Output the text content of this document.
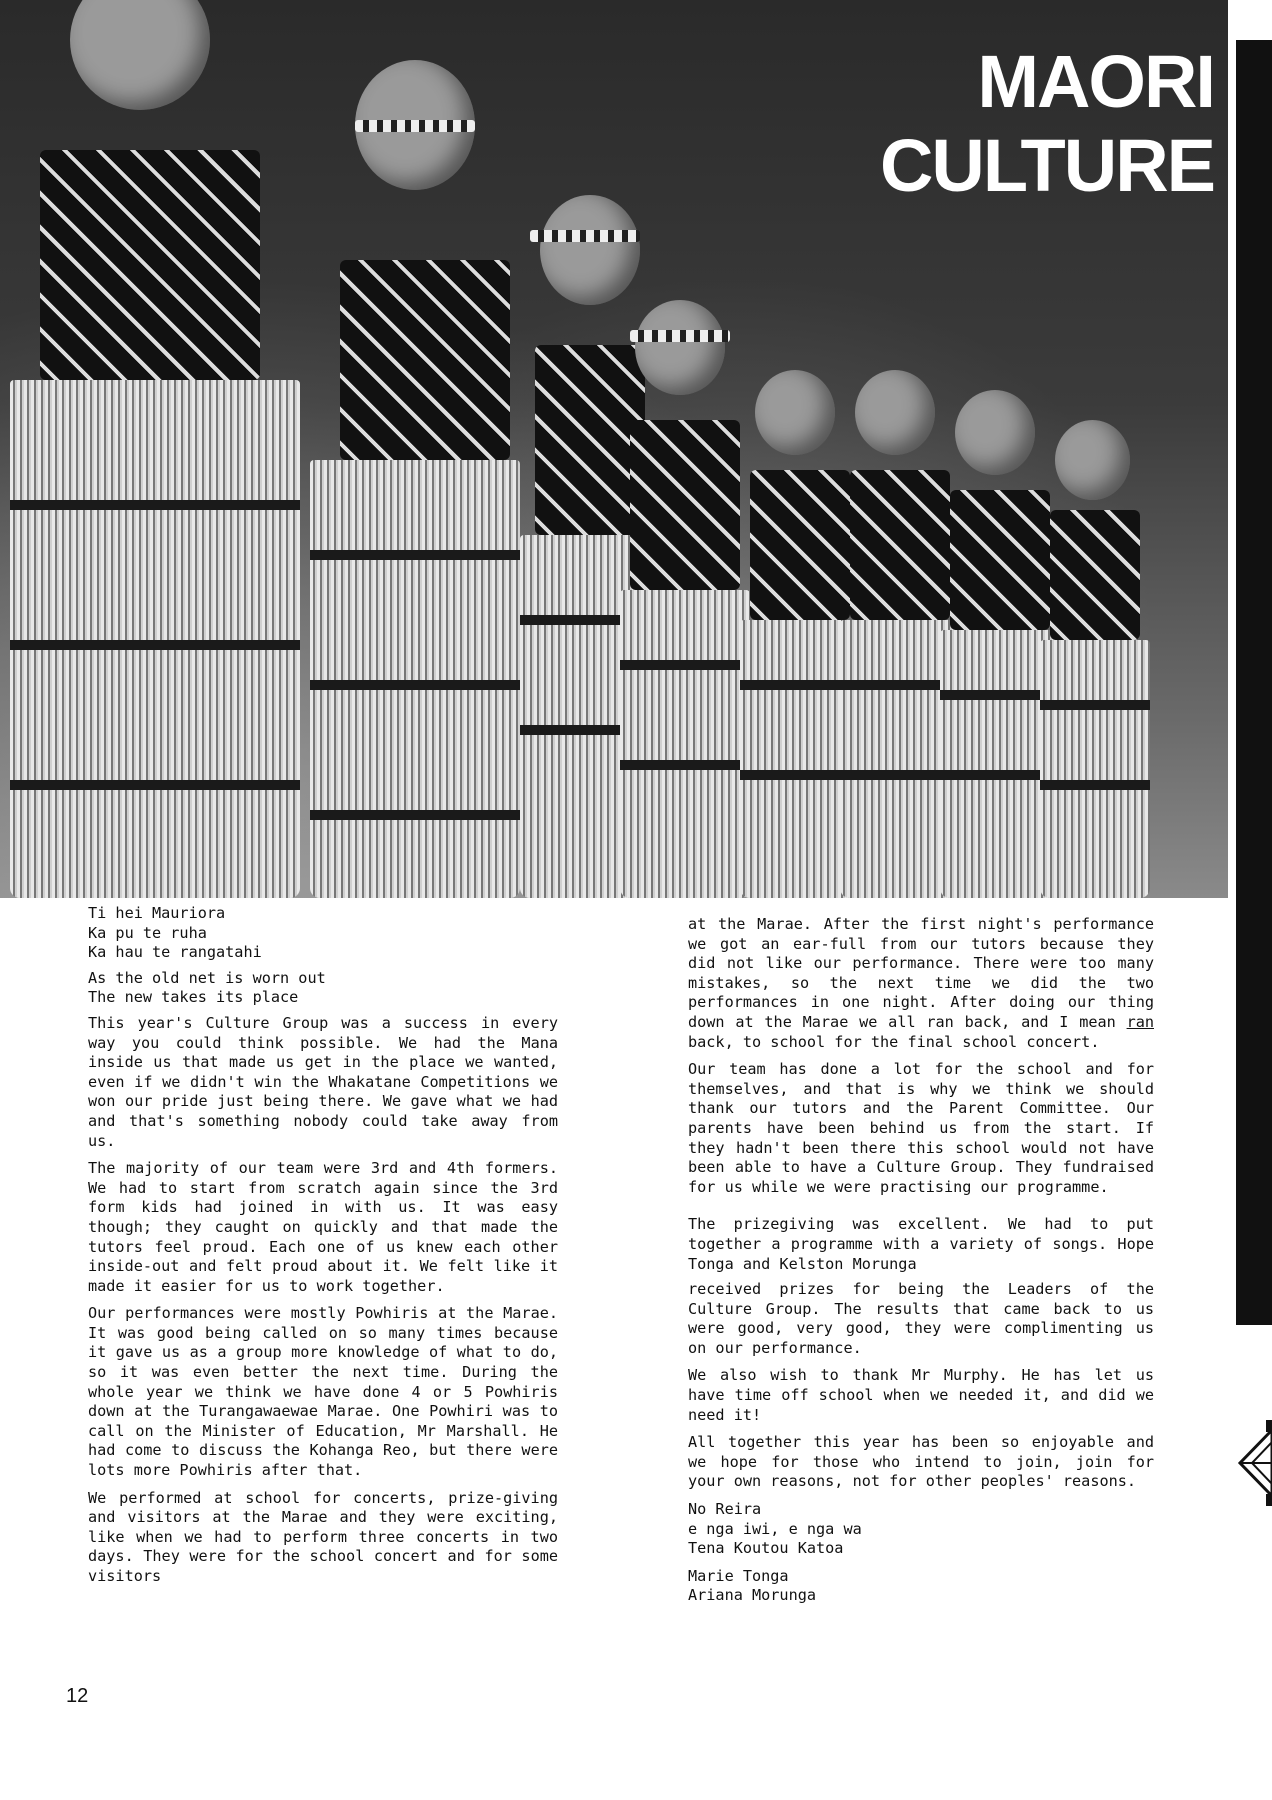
MAORI
CULTURE

Ti hei Mauriora
Ka pu te ruha
Ka hau te rangatahi

As the old net is worn out
The new takes its place

This year's Culture Group was a success in every way you could think possible. We had the Mana inside us that made us get in the place we wanted, even if we didn't win the Whakatane Competitions we won our pride just being there. We gave what we had and that's something nobody could take away from us.

The majority of our team were 3rd and 4th formers. We had to start from scratch again since the 3rd form kids had joined in with us. It was easy though; they caught on quickly and that made the tutors feel proud. Each one of us knew each other inside-out and felt proud about it. We felt like it made it easier for us to work together.

Our performances were mostly Powhiris at the Marae. It was good being called on so many times because it gave us as a group more knowledge of what to do, so it was even better the next time. During the whole year we think we have done 4 or 5 Powhiris down at the Turangawaewae Marae. One Powhiri was to call on the Minister of Education, Mr Marshall. He had come to discuss the Kohanga Reo, but there were lots more Powhiris after that.

We performed at school for concerts, prize-giving and visitors at the Marae and they were exciting, like when we had to perform three concerts in two days. They were for the school concert and for some visitors

at the Marae. After the first night's performance we got an ear-full from our tutors because they did not like our performance. There were too many mistakes, so the next time we did the two performances in one night. After doing our thing down at the Marae we all ran back, and I mean ran back, to school for the final school concert.

Our team has done a lot for the school and for themselves, and that is why we think we should thank our tutors and the Parent Committee. Our parents have been behind us from the start. If they hadn't been there this school would not have been able to have a Culture Group. They fundraised for us while we were practising our programme.

The prizegiving was excellent. We had to put together a programme with a variety of songs. Hope Tonga and Kelston Morunga

received prizes for being the Leaders of the Culture Group. The results that came back to us were good, very good, they were complimenting us on our performance.

We also wish to thank Mr Murphy. He has let us have time off school when we needed it, and did we need it!

All together this year has been so enjoyable and we hope for those who intend to join, join for your own reasons, not for other peoples' reasons.

No Reira
e nga iwi, e nga wa
Tena Koutou Katoa

Marie Tonga
Ariana Morunga

12
